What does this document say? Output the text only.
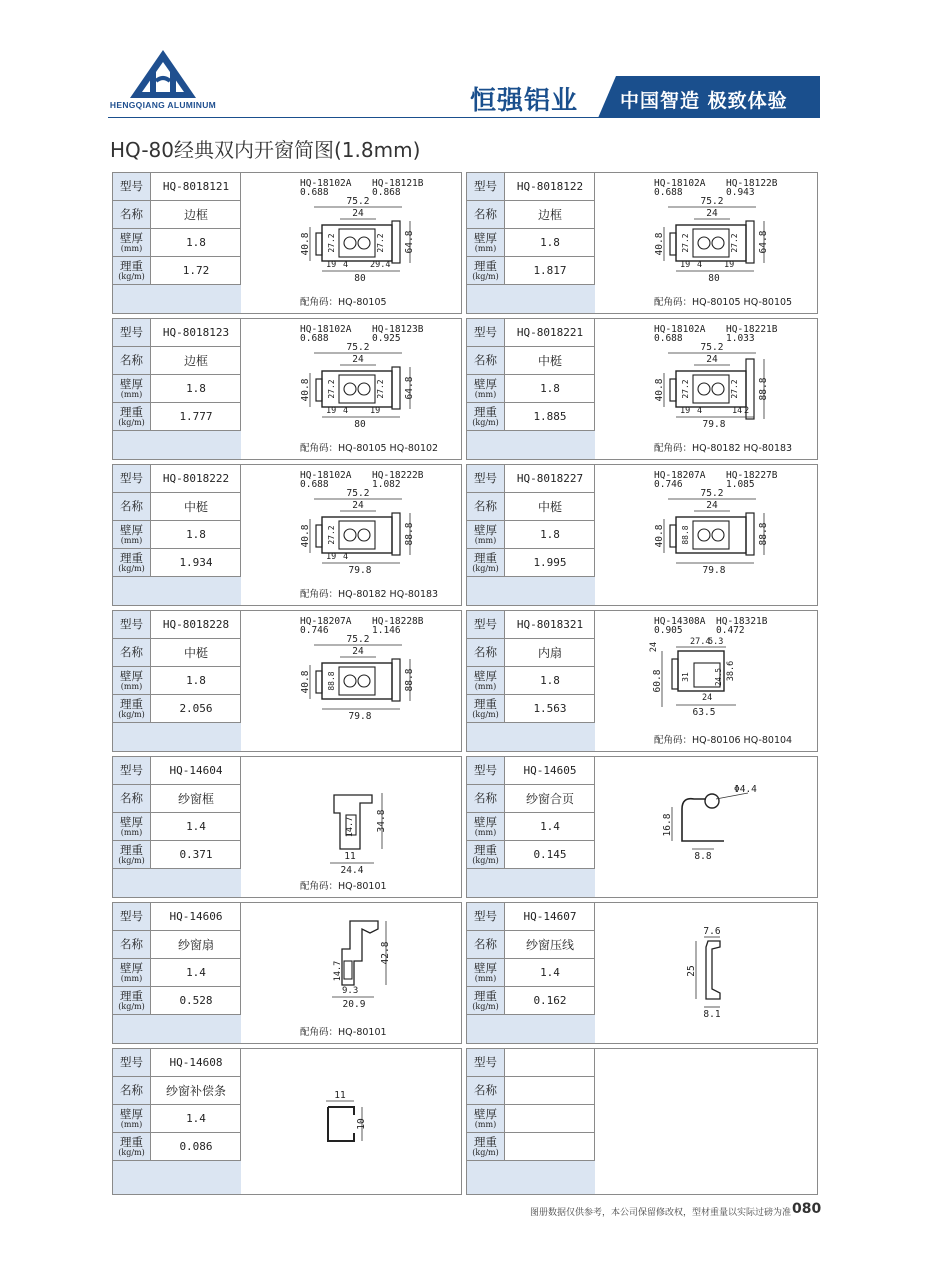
HENGQIANG ALUMINUM	恒强铝业 中国智造 极致体验
HQ-80经典双内开窗简图(1.8mm)
型号	HQ-8018121
名称	边框
壁厚
(mm)	1.8
理重
(kg/m)	1.72
HQ-18102A HQ-18121B
0.688	0.868
75.2
24
40.8 27.2	27.2 64.8
80
19 4	29.4
配角码：HQ-80105
型号	HQ-8018122
名称	边框
壁厚
(mm)	1.8
理重
(kg/m)	1.817
HQ-18102A HQ-18122B
0.688	0.943
75.2
24
40.8 27.2	27.2 64.8
80
19 4	19
配角码：HQ-80105 HQ-80105
型号	HQ-8018123
名称	边框
壁厚
(mm)	1.8
理重
(kg/m)	1.777
HQ-18102A HQ-18123B
0.688	0.925
75.2
24
40.8 27.2	27.2 64.8
80
19 4	19
配角码：HQ-80105 HQ-80102
型号	HQ-8018221
名称	中梃
壁厚
(mm)	1.8
理重
(kg/m)	1.885
HQ-18102A HQ-18221B
0.688	1.033
75.2
24
40.8 27.2	27.2 88.8
79.8
19 4	14 2
配角码：HQ-80182 HQ-80183
型号	HQ-8018222
名称	中梃
壁厚
(mm)	1.8
理重
(kg/m)	1.934
HQ-18102A HQ-18222B
0.688	1.082
75.2
24
40.8 27.2	88.8
79.8
19 4
配角码：HQ-80182 HQ-80183
型号	HQ-8018227
名称	中梃
壁厚
(mm)	1.8
理重
(kg/m)	1.995
HQ-18207A HQ-18227B
0.746	1.085
75.2
24
40.8 88.8	88.8
79.8
型号	HQ-8018228
名称	中梃
壁厚
(mm)	1.8
理重
(kg/m)	2.056
HQ-18207A HQ-18228B
0.746	1.146
75.2
24
40.8 88.8	88.8
79.8
型号	HQ-8018321
名称	内扇
壁厚
(mm)	1.8
理重
(kg/m)	1.563
HQ-14308A HQ-18321B
0.905	0.472
24	27.4
5.3
38.6
60.8 31	24.5
24
63.5
配角码：HQ-80106 HQ-80104
型号	HQ-14604
名称	纱窗框
壁厚
(mm)	1.4
理重
(kg/m)	0.371
34.8
14.7
11
24.4
配角码：HQ-80101
型号	HQ-14605
名称	纱窗合页
壁厚
(mm)	1.4
理重
(kg/m)	0.145
Φ4.4
16.8
8.8
型号	HQ-14606
名称	纱窗扇
壁厚
(mm)	1.4
理重
(kg/m)	0.528
42.8
14.7
9.3
20.9
配角码：HQ-80101
型号	HQ-14607
名称	纱窗压线
壁厚
(mm)	1.4
理重
(kg/m)	0.162
7.6
25
8.1
型号	HQ-14608
名称	纱窗补偿条
壁厚
(mm)	1.4
理重
(kg/m)	0.086
11
10
型号
名称
壁厚
(mm)
理重
(kg/m)
图册数据仅供参考，本公司保留修改权，型材重量以实际过磅为准 080
